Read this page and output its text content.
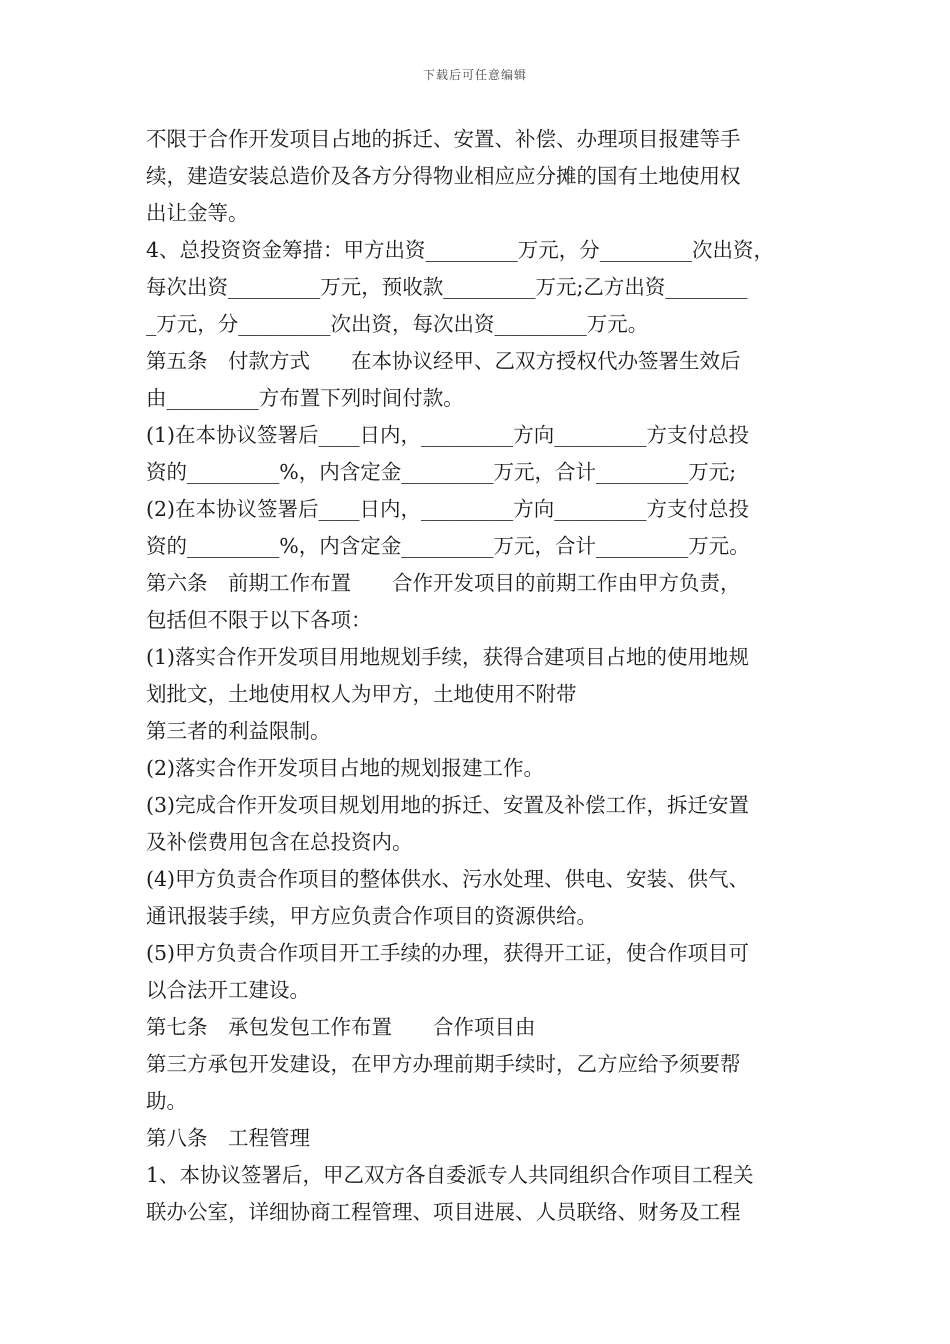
下载后可任意编辑
不限于合作开发项目占地的拆迁、安置、补偿、办理项目报建等手
续，建造安装总造价及各方分得物业相应应分摊的国有土地使用权
出让金等。
4、总投资资金筹措：甲方出资_________万元，分_________次出资，
每次出资_________万元，预收款_________万元;乙方出资________
_万元，分_________次出资，每次出资_________万元。
第五条　付款方式　　在本协议经甲、乙双方授权代办签署生效后
由_________方布置下列时间付款。
(1)在本协议签署后____日内，_________方向_________方支付总投
资的_________%，内含定金_________万元，合计_________万元;
(2)在本协议签署后____日内，_________方向_________方支付总投
资的_________%，内含定金_________万元，合计_________万元。
第六条　前期工作布置　　合作开发项目的前期工作由甲方负责，
包括但不限于以下各项：
(1)落实合作开发项目用地规划手续，获得合建项目占地的使用地规
划批文，土地使用权人为甲方，土地使用不附带
第三者的利益限制。
(2)落实合作开发项目占地的规划报建工作。
(3)完成合作开发项目规划用地的拆迁、安置及补偿工作，拆迁安置
及补偿费用包含在总投资内。
(4)甲方负责合作项目的整体供水、污水处理、供电、安装、供气、
通讯报装手续，甲方应负责合作项目的资源供给。
(5)甲方负责合作项目开工手续的办理，获得开工证，使合作项目可
以合法开工建设。
第七条　承包发包工作布置　　合作项目由
第三方承包开发建设，在甲方办理前期手续时，乙方应给予须要帮
助。
第八条　工程管理
1、本协议签署后，甲乙双方各自委派专人共同组织合作项目工程关
联办公室，详细协商工程管理、项目进展、人员联络、财务及工程
